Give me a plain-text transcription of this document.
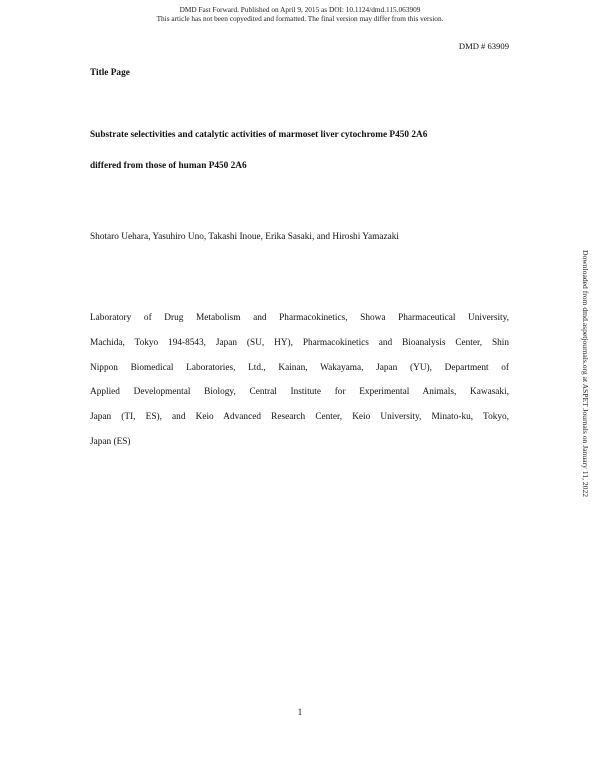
DMD Fast Forward. Published on April 9, 2015 as DOI: 10.1124/dmd.115.063909
This article has not been copyedited and formatted. The final version may differ from this version.
DMD # 63909
Title Page
Substrate selectivities and catalytic activities of marmoset liver cytochrome P450 2A6
differed from those of human P450 2A6
Shotaro Uehara, Yasuhiro Uno, Takashi Inoue, Erika Sasaki, and Hiroshi Yamazaki
Laboratory of Drug Metabolism and Pharmacokinetics, Showa Pharmaceutical University,
Machida, Tokyo 194-8543, Japan (SU, HY), Pharmacokinetics and Bioanalysis Center, Shin
Nippon Biomedical Laboratories, Ltd., Kainan, Wakayama, Japan (YU), Department of
Applied Developmental Biology, Central Institute for Experimental Animals, Kawasaki,
Japan (TI, ES), and Keio Advanced Research Center, Keio University, Minato-ku, Tokyo,
Japan (ES)	Downloaded from dmd.aspetjournals.org at ASPET Journals on January 11, 2022
1
